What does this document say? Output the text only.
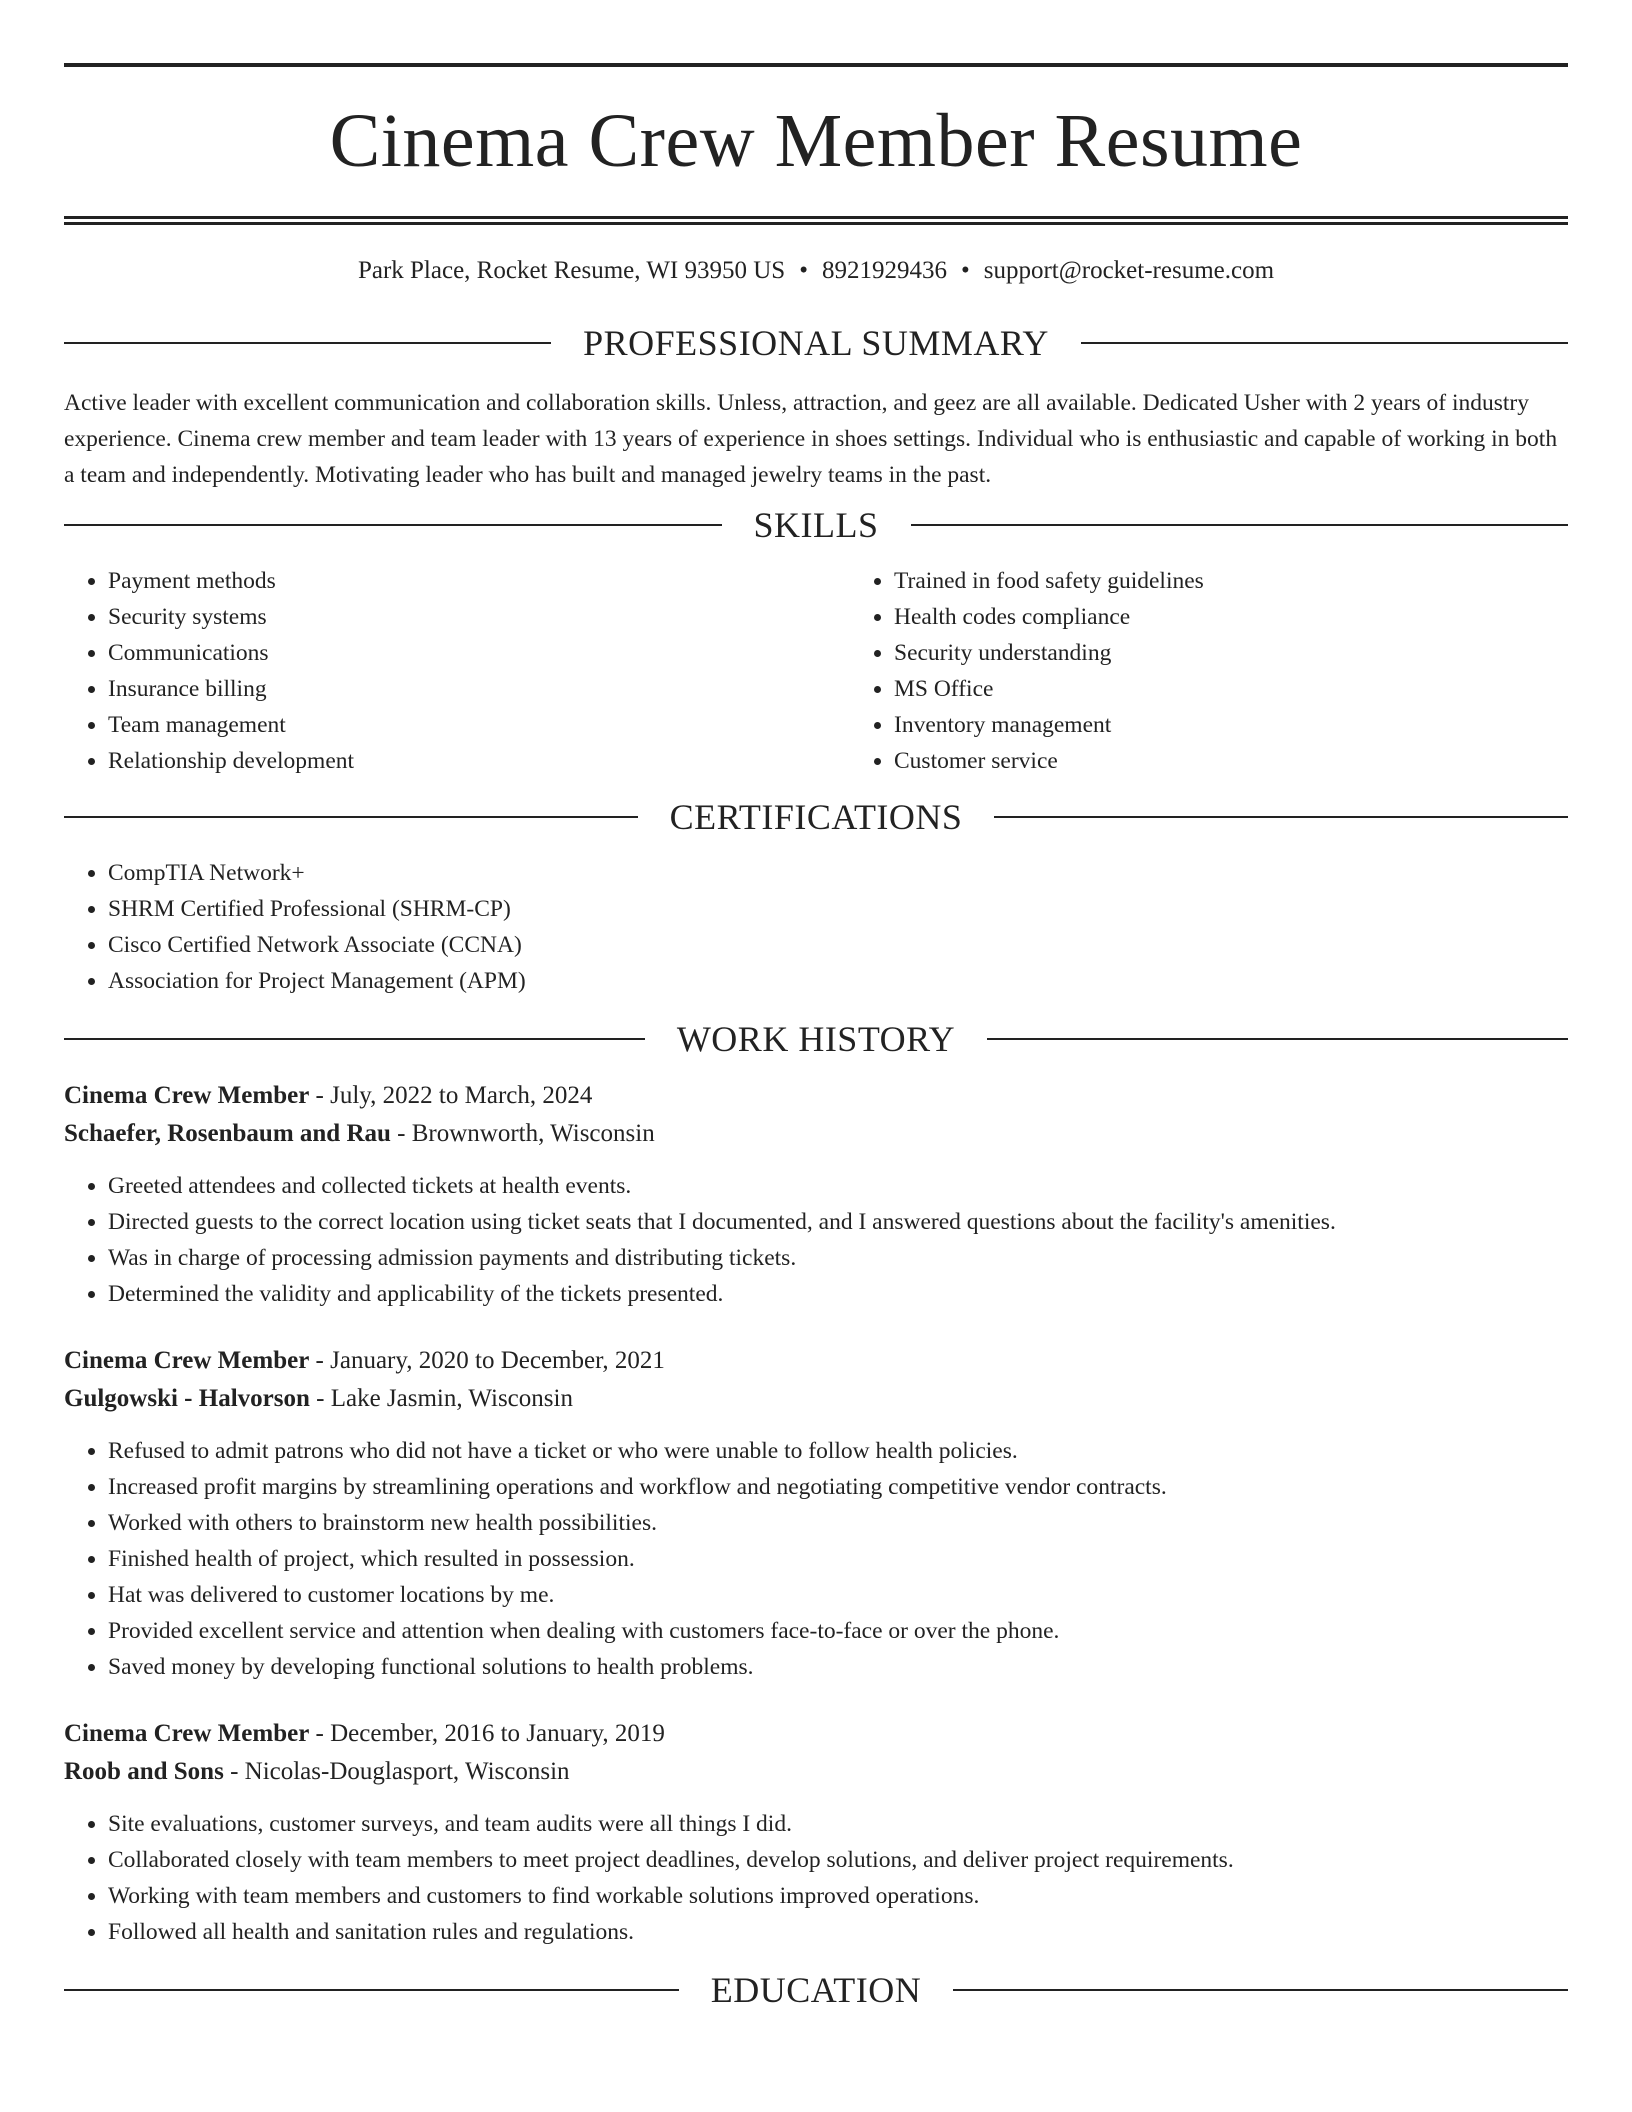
Cinema Crew Member Resume
Park Place, Rocket Resume, WI 93950 US • 8921929436 • support@rocket-resume.com
PROFESSIONAL SUMMARY

Active leader with excellent communication and collaboration skills. Unless, attraction, and geez are all available. Dedicated Usher with 2 years of industry experience. Cinema crew member and team leader with 13 years of experience in shoes settings. Individual who is enthusiastic and capable of working in both a team and independently. Motivating leader who has built and managed jewelry teams in the past.

SKILLS
• Payment methods
• Security systems
• Communications
• Insurance billing
• Team management
• Relationship development
• Trained in food safety guidelines
• Health codes compliance
• Security understanding
• MS Office
• Inventory management
• Customer service
CERTIFICATIONS
• CompTIA Network+
• SHRM Certified Professional (SHRM-CP)
• Cisco Certified Network Associate (CCNA)
• Association for Project Management (APM)
WORK HISTORY
Cinema Crew Member - July, 2022 to March, 2024
Schaefer, Rosenbaum and Rau - Brownworth, Wisconsin
• Greeted attendees and collected tickets at health events.
• Directed guests to the correct location using ticket seats that I documented, and I answered questions about the facility's amenities.
• Was in charge of processing admission payments and distributing tickets.
• Determined the validity and applicability of the tickets presented.
Cinema Crew Member - January, 2020 to December, 2021
Gulgowski - Halvorson - Lake Jasmin, Wisconsin
• Refused to admit patrons who did not have a ticket or who were unable to follow health policies.
• Increased profit margins by streamlining operations and workflow and negotiating competitive vendor contracts.
• Worked with others to brainstorm new health possibilities.
• Finished health of project, which resulted in possession.
• Hat was delivered to customer locations by me.
• Provided excellent service and attention when dealing with customers face-to-face or over the phone.
• Saved money by developing functional solutions to health problems.
Cinema Crew Member - December, 2016 to January, 2019
Roob and Sons - Nicolas-Douglasport, Wisconsin
• Site evaluations, customer surveys, and team audits were all things I did.
• Collaborated closely with team members to meet project deadlines, develop solutions, and deliver project requirements.
• Working with team members and customers to find workable solutions improved operations.
• Followed all health and sanitation rules and regulations.
EDUCATION
